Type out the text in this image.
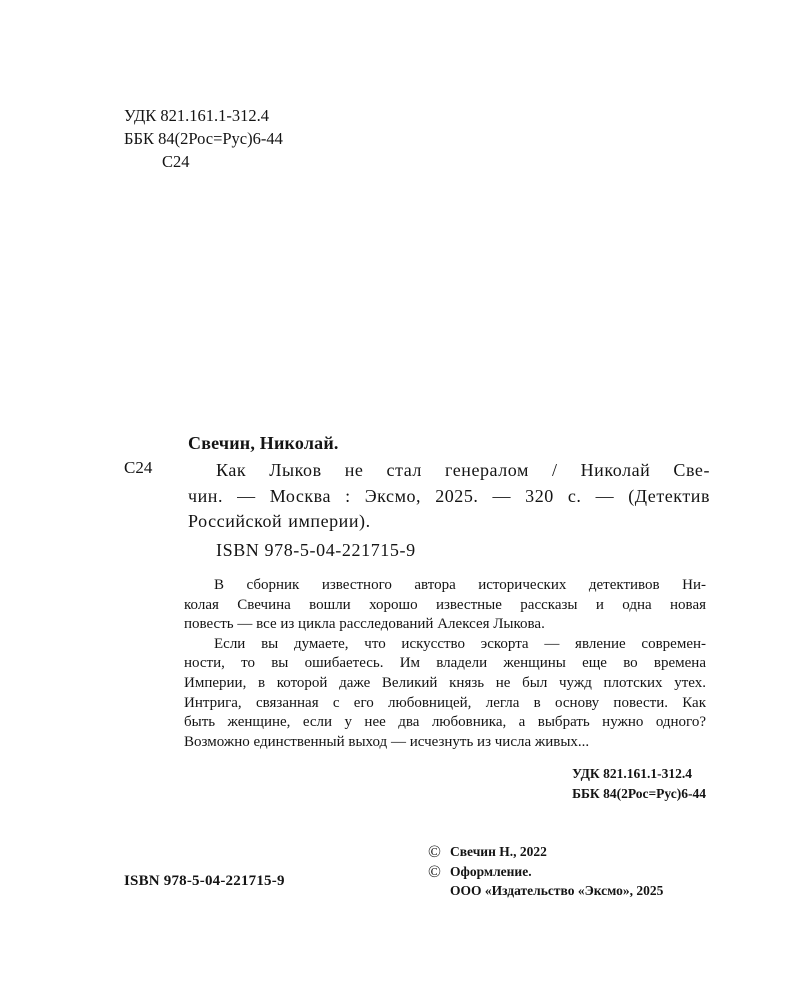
УДК 821.161.1-312.4
ББК 84(2Рос=Рус)6-44
С24
С24
Свечин, Николай.
Как Лыков не стал генералом / Николай Све-
чин. — Москва : Эксмо, 2025. — 320 с. — (Детектив
Российской империи).
ISBN 978-5-04-221715-9
В сборник известного автора исторических детективов Ни-
колая Свечина вошли хорошо известные рассказы и одна новая
повесть — все из цикла расследований Алексея Лыкова.
Если вы думаете, что искусство эскорта — явление современ-
ности, то вы ошибаетесь. Им владели женщины еще во времена
Империи, в которой даже Великий князь не был чужд плотских утех.
Интрига, связанная с его любовницей, легла в основу повести. Как
быть женщине, если у нее два любовника, а выбрать нужно одного?
Возможно единственный выход — исчезнуть из числа живых...
УДК 821.161.1-312.4
ББК 84(2Рос=Рус)6-44
© Свечин Н., 2022
© Оформление.
ООО «Издательство «Эксмо», 2025
ISBN 978-5-04-221715-9
